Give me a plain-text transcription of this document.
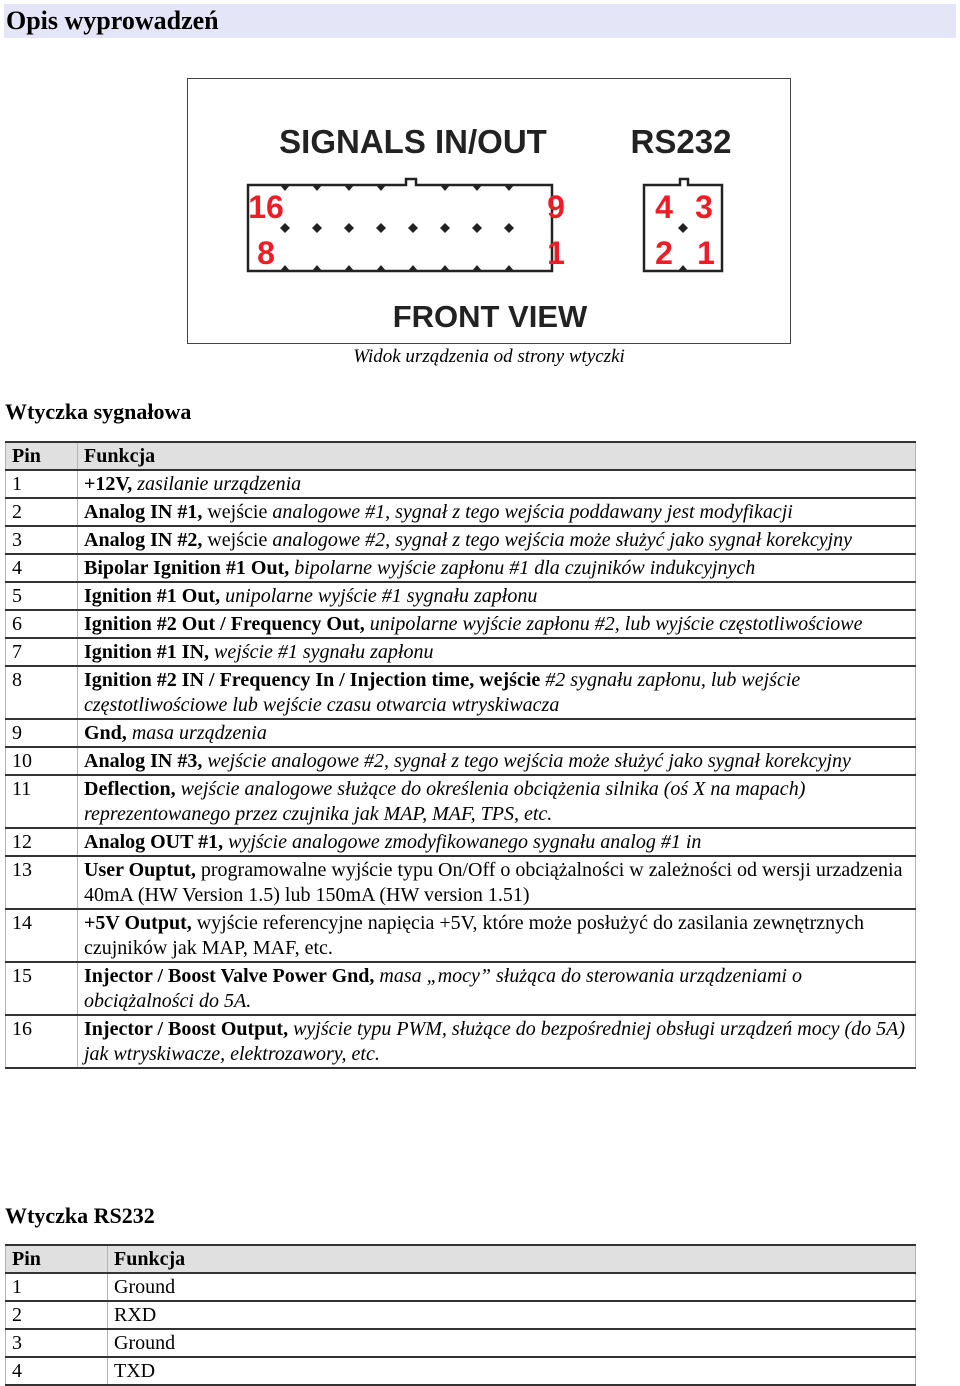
Opis wyprowadzeń
SIGNALS IN/OUT	RS232
16	9
8	1
4 3
2 1
FRONT VIEW
Widok urządzenia od strony wtyczki
Wtyczka sygnałowa
Pin	Funkcja
1	+12V, zasilanie urządzenia
2	Analog IN #1, wejście analogowe #1, sygnał z tego wejścia poddawany jest modyfikacji
3	Analog IN #2, wejście analogowe #2, sygnał z tego wejścia może służyć jako sygnał korekcyjny
4	Bipolar Ignition #1 Out, bipolarne wyjście zapłonu #1 dla czujników indukcyjnych
5	Ignition #1 Out, unipolarne wyjście #1 sygnału zapłonu
6	Ignition #2 Out / Frequency Out, unipolarne wyjście zapłonu #2, lub wyjście częstotliwościowe
7	Ignition #1 IN, wejście #1 sygnału zapłonu
8	Ignition #2 IN / Frequency In / Injection time, wejście #2 sygnału zapłonu, lub wejście częstotliwościowe lub wejście czasu otwarcia wtryskiwacza
9	Gnd, masa urządzenia
10	Analog IN #3, wejście analogowe #2, sygnał z tego wejścia może służyć jako sygnał korekcyjny
11	Deflection, wejście analogowe służące do określenia obciążenia silnika (oś X na mapach) reprezentowanego przez czujnika jak MAP, MAF, TPS, etc.
12	Analog OUT #1, wyjście analogowe zmodyfikowanego sygnału analog #1 in
13	User Ouptut, programowalne wyjście typu On/Off o obciążalności w zależności od wersji urzadzenia 40mA (HW Version 1.5) lub 150mA (HW version 1.51)
14	+5V Output, wyjście referencyjne napięcia +5V, które może posłużyć do zasilania zewnętrznych czujników jak MAP, MAF, etc.
15	Injector / Boost Valve Power Gnd, masa „mocy” służąca do sterowania urządzeniami o obciążalności do 5A.
16	Injector / Boost Output, wyjście typu PWM, służące do bezpośredniej obsługi urządzeń mocy (do 5A) jak wtryskiwacze, elektrozawory, etc.
Wtyczka RS232
Pin	Funkcja
1	Ground
2	RXD
3	Ground
4	TXD
